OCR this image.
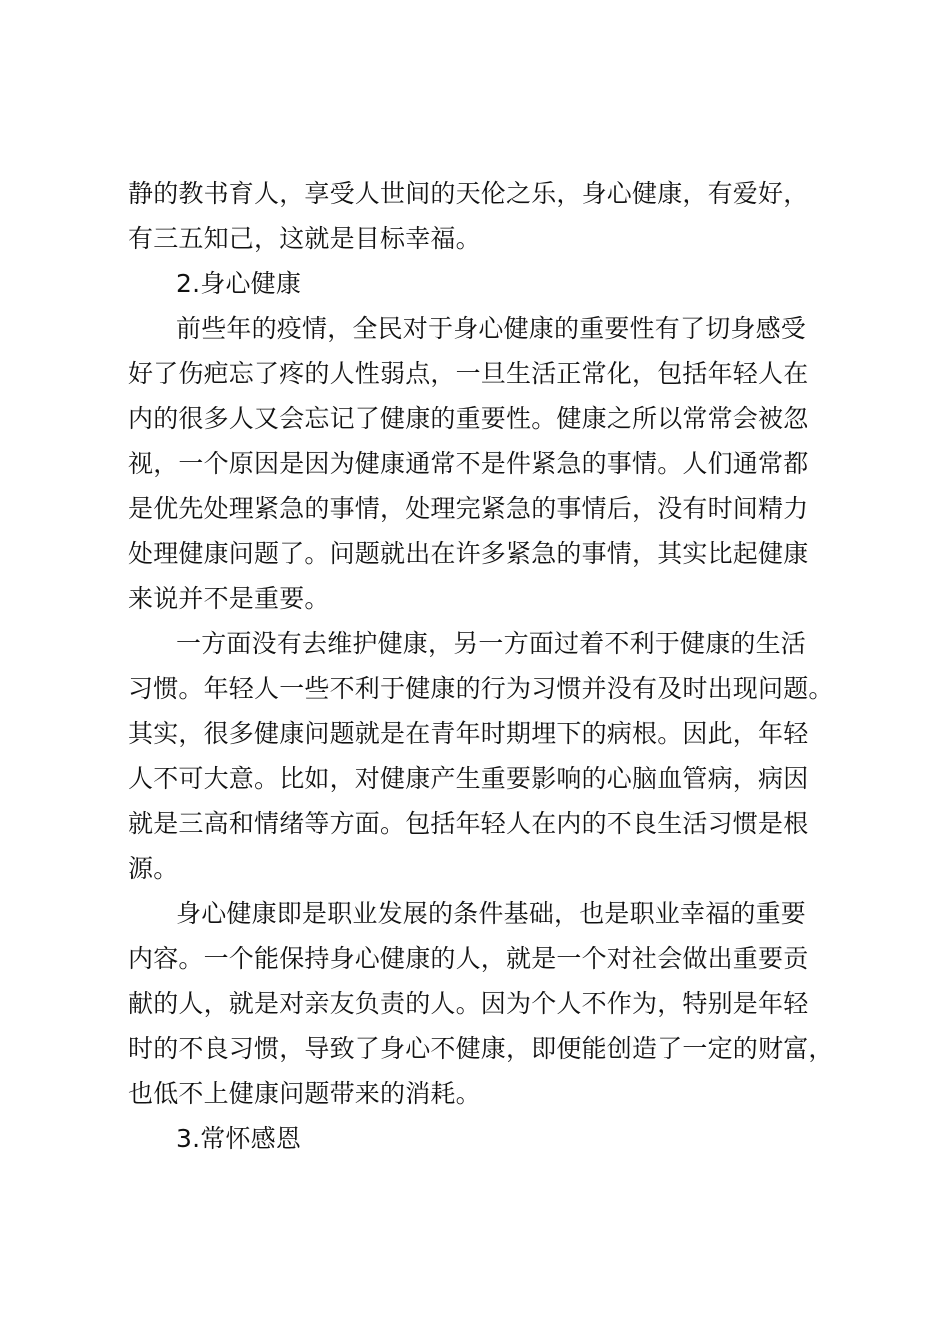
静的教书育人，享受人世间的天伦之乐，身心健康，有爱好，
有三五知己，这就是目标幸福。
2.身心健康
前些年的疫情，全民对于身心健康的重要性有了切身感受
好了伤疤忘了疼的人性弱点，一旦生活正常化，包括年轻人在
内的很多人又会忘记了健康的重要性。健康之所以常常会被忽
视，一个原因是因为健康通常不是件紧急的事情。人们通常都
是优先处理紧急的事情，处理完紧急的事情后，没有时间精力
处理健康问题了。问题就出在许多紧急的事情，其实比起健康
来说并不是重要。
一方面没有去维护健康，另一方面过着不利于健康的生活
习惯。年轻人一些不利于健康的行为习惯并没有及时出现问题。
其实，很多健康问题就是在青年时期埋下的病根。因此，年轻
人不可大意。比如，对健康产生重要影响的心脑血管病，病因
就是三高和情绪等方面。包括年轻人在内的不良生活习惯是根
源。
身心健康即是职业发展的条件基础，也是职业幸福的重要
内容。一个能保持身心健康的人，就是一个对社会做出重要贡
献的人，就是对亲友负责的人。因为个人不作为，特别是年轻
时的不良习惯，导致了身心不健康，即便能创造了一定的财富，
也低不上健康问题带来的消耗。
3.常怀感恩
